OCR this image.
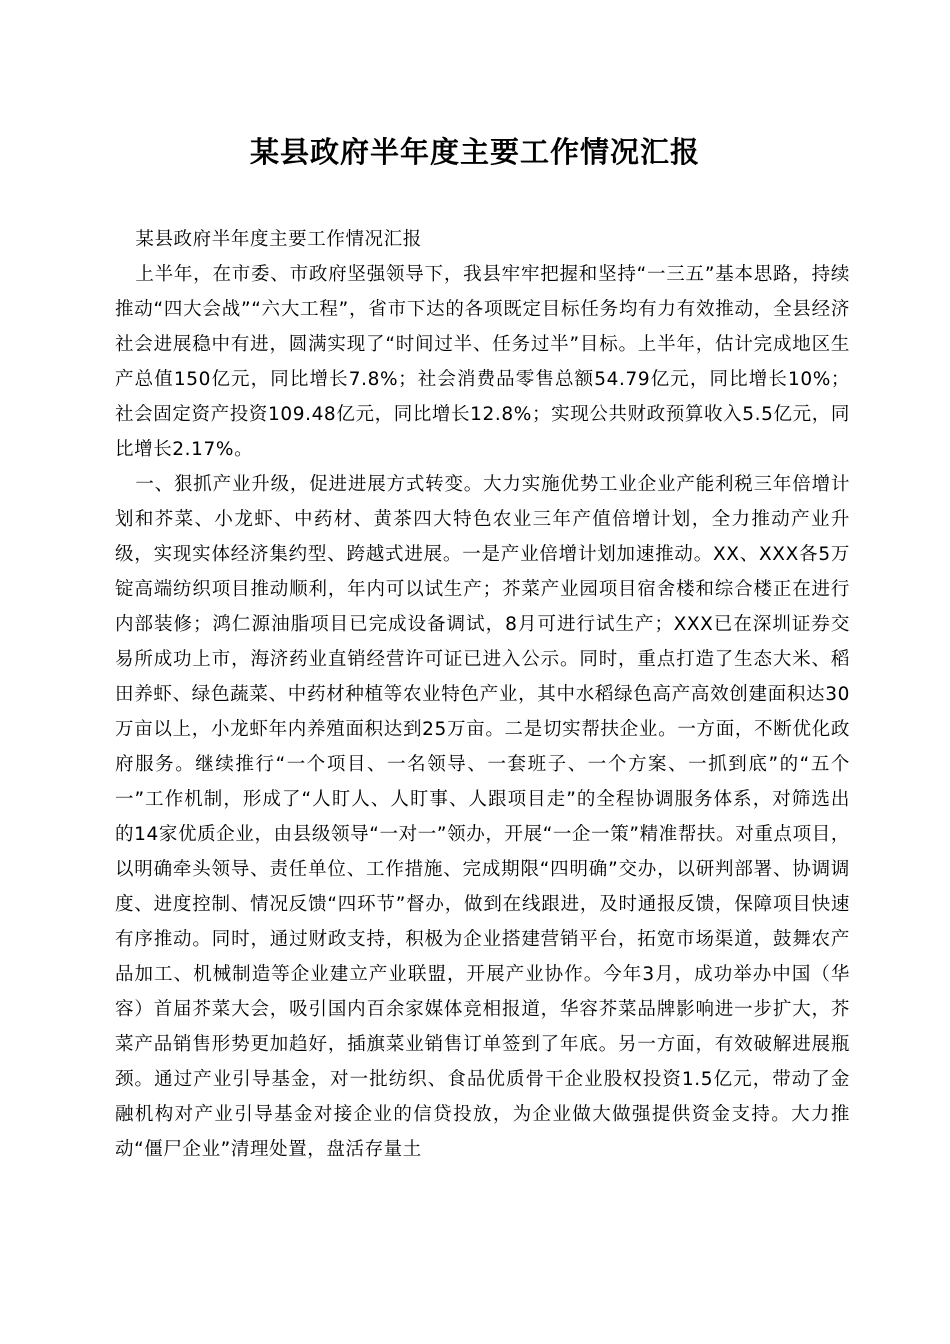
某县政府半年度主要工作情况汇报

某县政府半年度主要工作情况汇报

上半年，在市委、市政府坚强领导下，我县牢牢把握和坚持“一三五”基本思路，持续推动“四大会战”“六大工程”，省市下达的各项既定目标任务均有力有效推动，全县经济社会进展稳中有进，圆满实现了“时间过半、任务过半”目标。上半年，估计完成地区生产总值150亿元，同比增长7.8%；社会消费品零售总额54.79亿元，同比增长10%；社会固定资产投资109.48亿元，同比增长12.8%；实现公共财政预算收入5.5亿元，同比增长2.17%。

一、狠抓产业升级，促进进展方式转变。大力实施优势工业企业产能利税三年倍增计划和芥菜、小龙虾、中药材、黄茶四大特色农业三年产值倍增计划，全力推动产业升级，实现实体经济集约型、跨越式进展。一是产业倍增计划加速推动。XX、XXX各5万锭高端纺织项目推动顺利，年内可以试生产；芥菜产业园项目宿舍楼和综合楼正在进行内部装修；鸿仁源油脂项目已完成设备调试，8月可进行试生产；XXX已在深圳证券交易所成功上市，海济药业直销经营许可证已进入公示。同时，重点打造了生态大米、稻田养虾、绿色蔬菜、中药材种植等农业特色产业，其中水稻绿色高产高效创建面积达30万亩以上，小龙虾年内养殖面积达到25万亩。二是切实帮扶企业。一方面，不断优化政府服务。继续推行“一个项目、一名领导、一套班子、一个方案、一抓到底”的“五个一”工作机制，形成了“人盯人、人盯事、人跟项目走”的全程协调服务体系，对筛选出的14家优质企业，由县级领导“一对一”领办，开展“一企一策”精准帮扶。对重点项目，以明确牵头领导、责任单位、工作措施、完成期限“四明确”交办，以研判部署、协调调度、进度控制、情况反馈“四环节”督办，做到在线跟进，及时通报反馈，保障项目快速有序推动。同时，通过财政支持，积极为企业搭建营销平台，拓宽市场渠道，鼓舞农产品加工、机械制造等企业建立产业联盟，开展产业协作。今年3月，成功举办中国（华容）首届芥菜大会，吸引国内百余家媒体竞相报道，华容芥菜品牌影响进一步扩大，芥菜产品销售形势更加趋好，插旗菜业销售订单签到了年底。另一方面，有效破解进展瓶颈。通过产业引导基金，对一批纺织、食品优质骨干企业股权投资1.5亿元，带动了金融机构对产业引导基金对接企业的信贷投放，为企业做大做强提供资金支持。大力推动“僵尸企业”清理处置，盘活存量土
